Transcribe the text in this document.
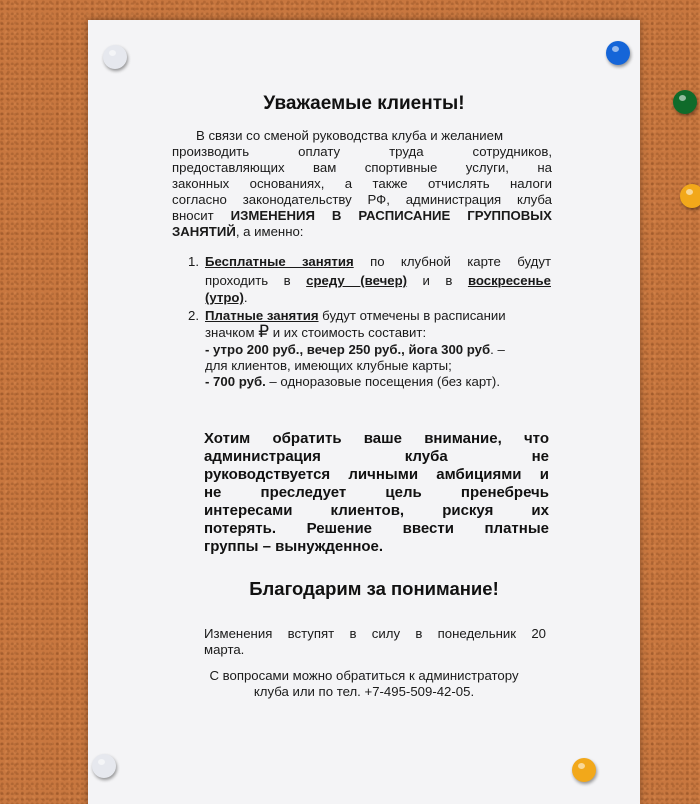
Уважаемые клиенты!
В связи со сменой руководства клуба и желанием
производить оплату труда сотрудников,
предоставляющих вам спортивные услуги, на
законных основаниях, а также отчислять налоги
согласно законодательству РФ, администрация клуба
вносит ИЗМЕНЕНИЯ В РАСПИСАНИЕ ГРУППОВЫХ
ЗАНЯТИЙ, а именно:
1. Бесплатные занятия по клубной карте будут
проходить в среду (вечер) и в воскресенье
(утро).
2. Платные занятия будут отмечены в расписании
значком ₽ и их стоимость составит:
- утро 200 руб., вечер 250 руб., йога 300 руб. –
для клиентов, имеющих клубные карты;
- 700 руб. – одноразовые посещения (без карт).
Хотим обратить ваше внимание, что
администрация клуба не
руководствуется личными амбициями и
не преследует цель пренебречь
интересами клиентов, рискуя их
потерять. Решение ввести платные
группы – вынужденное.
Благодарим за понимание!
Изменения вступят в силу в понедельник 20
марта.
С вопросами можно обратиться к администратору
клуба или по тел. +7-495-509-42-05.
